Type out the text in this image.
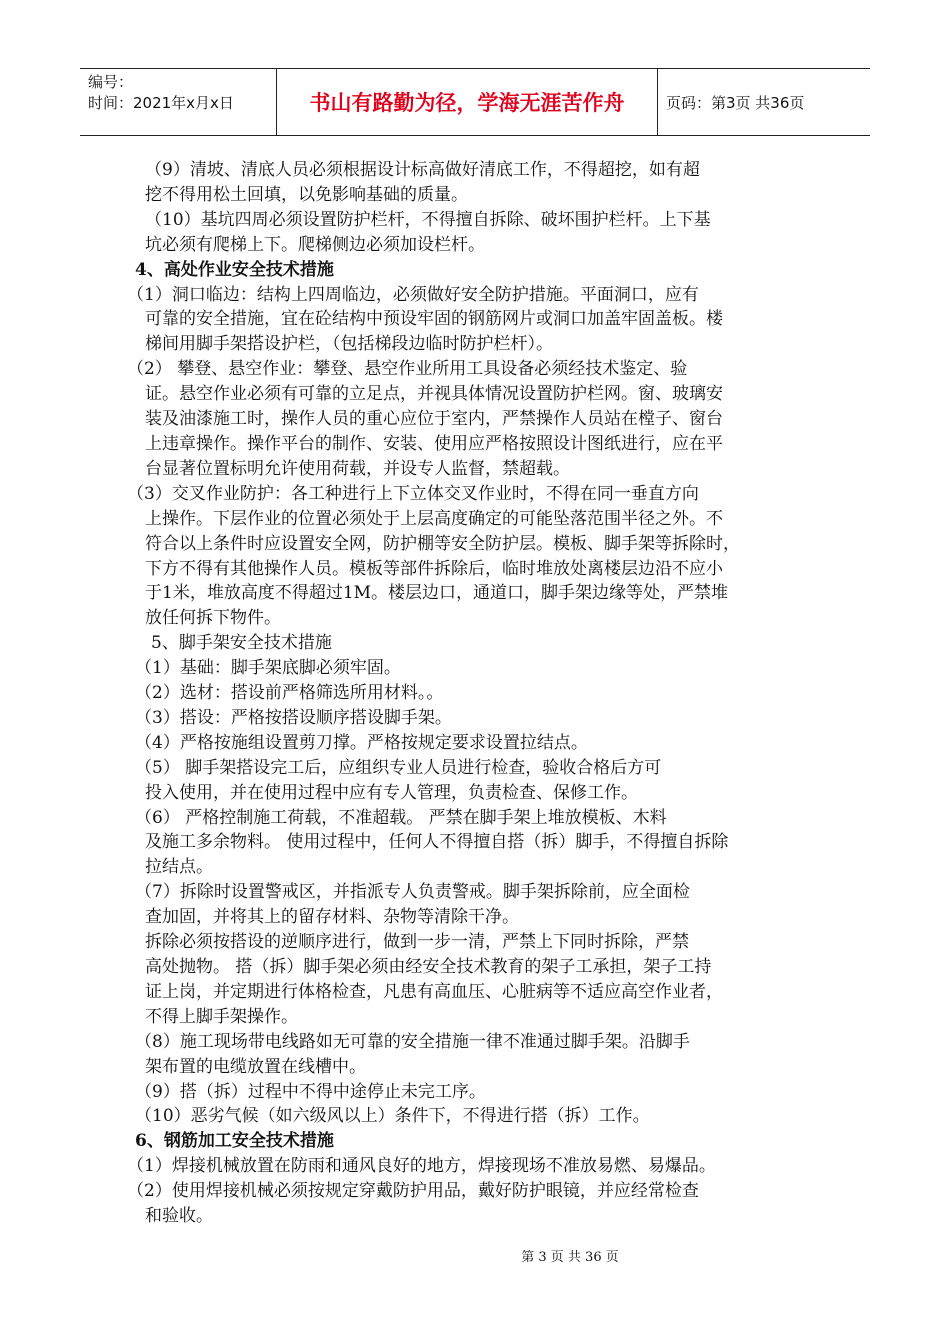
编号：
时间：2021年x月x日	书山有路勤为径，学海无涯苦作舟	页码：第3页 共36页

（9）清坡、清底人员必须根据设计标高做好清底工作，不得超挖，如有超

挖不得用松土回填，以免影响基础的质量。

（10）基坑四周必须设置防护栏杆，不得擅自拆除、破坏围护栏杆。上下基

坑必须有爬梯上下。爬梯侧边必须加设栏杆。

4、高处作业安全技术措施

（1）洞口临边：结构上四周临边，必须做好安全防护措施。平面洞口，应有

可靠的安全措施，宜在砼结构中预设牢固的钢筋网片或洞口加盖牢固盖板。楼

梯间用脚手架搭设护栏，（包括梯段边临时防护栏杆）。

（2） 攀登、悬空作业：攀登、悬空作业所用工具设备必须经技术鉴定、验

证。悬空作业必须有可靠的立足点，并视具体情况设置防护栏网。窗、玻璃安

装及油漆施工时，操作人员的重心应位于室内，严禁操作人员站在樘子、窗台

上违章操作。操作平台的制作、安装、使用应严格按照设计图纸进行，应在平

台显著位置标明允许使用荷载，并设专人监督，禁超载。

（3）交叉作业防护：各工种进行上下立体交叉作业时，不得在同一垂直方向

上操作。下层作业的位置必须处于上层高度确定的可能坠落范围半径之外。不

符合以上条件时应设置安全网，防护棚等安全防护层。模板、脚手架等拆除时，

下方不得有其他操作人员。模板等部件拆除后，临时堆放处离楼层边沿不应小

于1米，堆放高度不得超过1M。楼层边口，通道口，脚手架边缘等处，严禁堆

放任何拆下物件。

5、脚手架安全技术措施

（1）基础：脚手架底脚必须牢固。

（2）选材：搭设前严格筛选所用材料。。

（3）搭设：严格按搭设顺序搭设脚手架。

（4）严格按施组设置剪刀撑。严格按规定要求设置拉结点。

（5） 脚手架搭设完工后，应组织专业人员进行检查，验收合格后方可

投入使用，并在使用过程中应有专人管理，负责检查、保修工作。

（6） 严格控制施工荷载，不准超载。 严禁在脚手架上堆放模板、木料

及施工多余物料。 使用过程中，任何人不得擅自搭（拆）脚手，不得擅自拆除

拉结点。

（7）拆除时设置警戒区，并指派专人负责警戒。脚手架拆除前，应全面检

查加固，并将其上的留存材料、杂物等清除干净。

拆除必须按搭设的逆顺序进行，做到一步一清，严禁上下同时拆除，严禁

高处抛物。 搭（拆）脚手架必须由经安全技术教育的架子工承担，架子工持

证上岗，并定期进行体格检查，凡患有高血压、心脏病等不适应高空作业者，

不得上脚手架操作。

（8）施工现场带电线路如无可靠的安全措施一律不准通过脚手架。沿脚手

架布置的电缆放置在线槽中。

（9）搭（拆）过程中不得中途停止未完工序。

（10）恶劣气候（如六级风以上）条件下，不得进行搭（拆）工作。

6、钢筋加工安全技术措施

（1）焊接机械放置在防雨和通风良好的地方，焊接现场不准放易燃、易爆品。

（2）使用焊接机械必须按规定穿戴防护用品，戴好防护眼镜，并应经常检查

和验收。

第 3 页 共 36 页
